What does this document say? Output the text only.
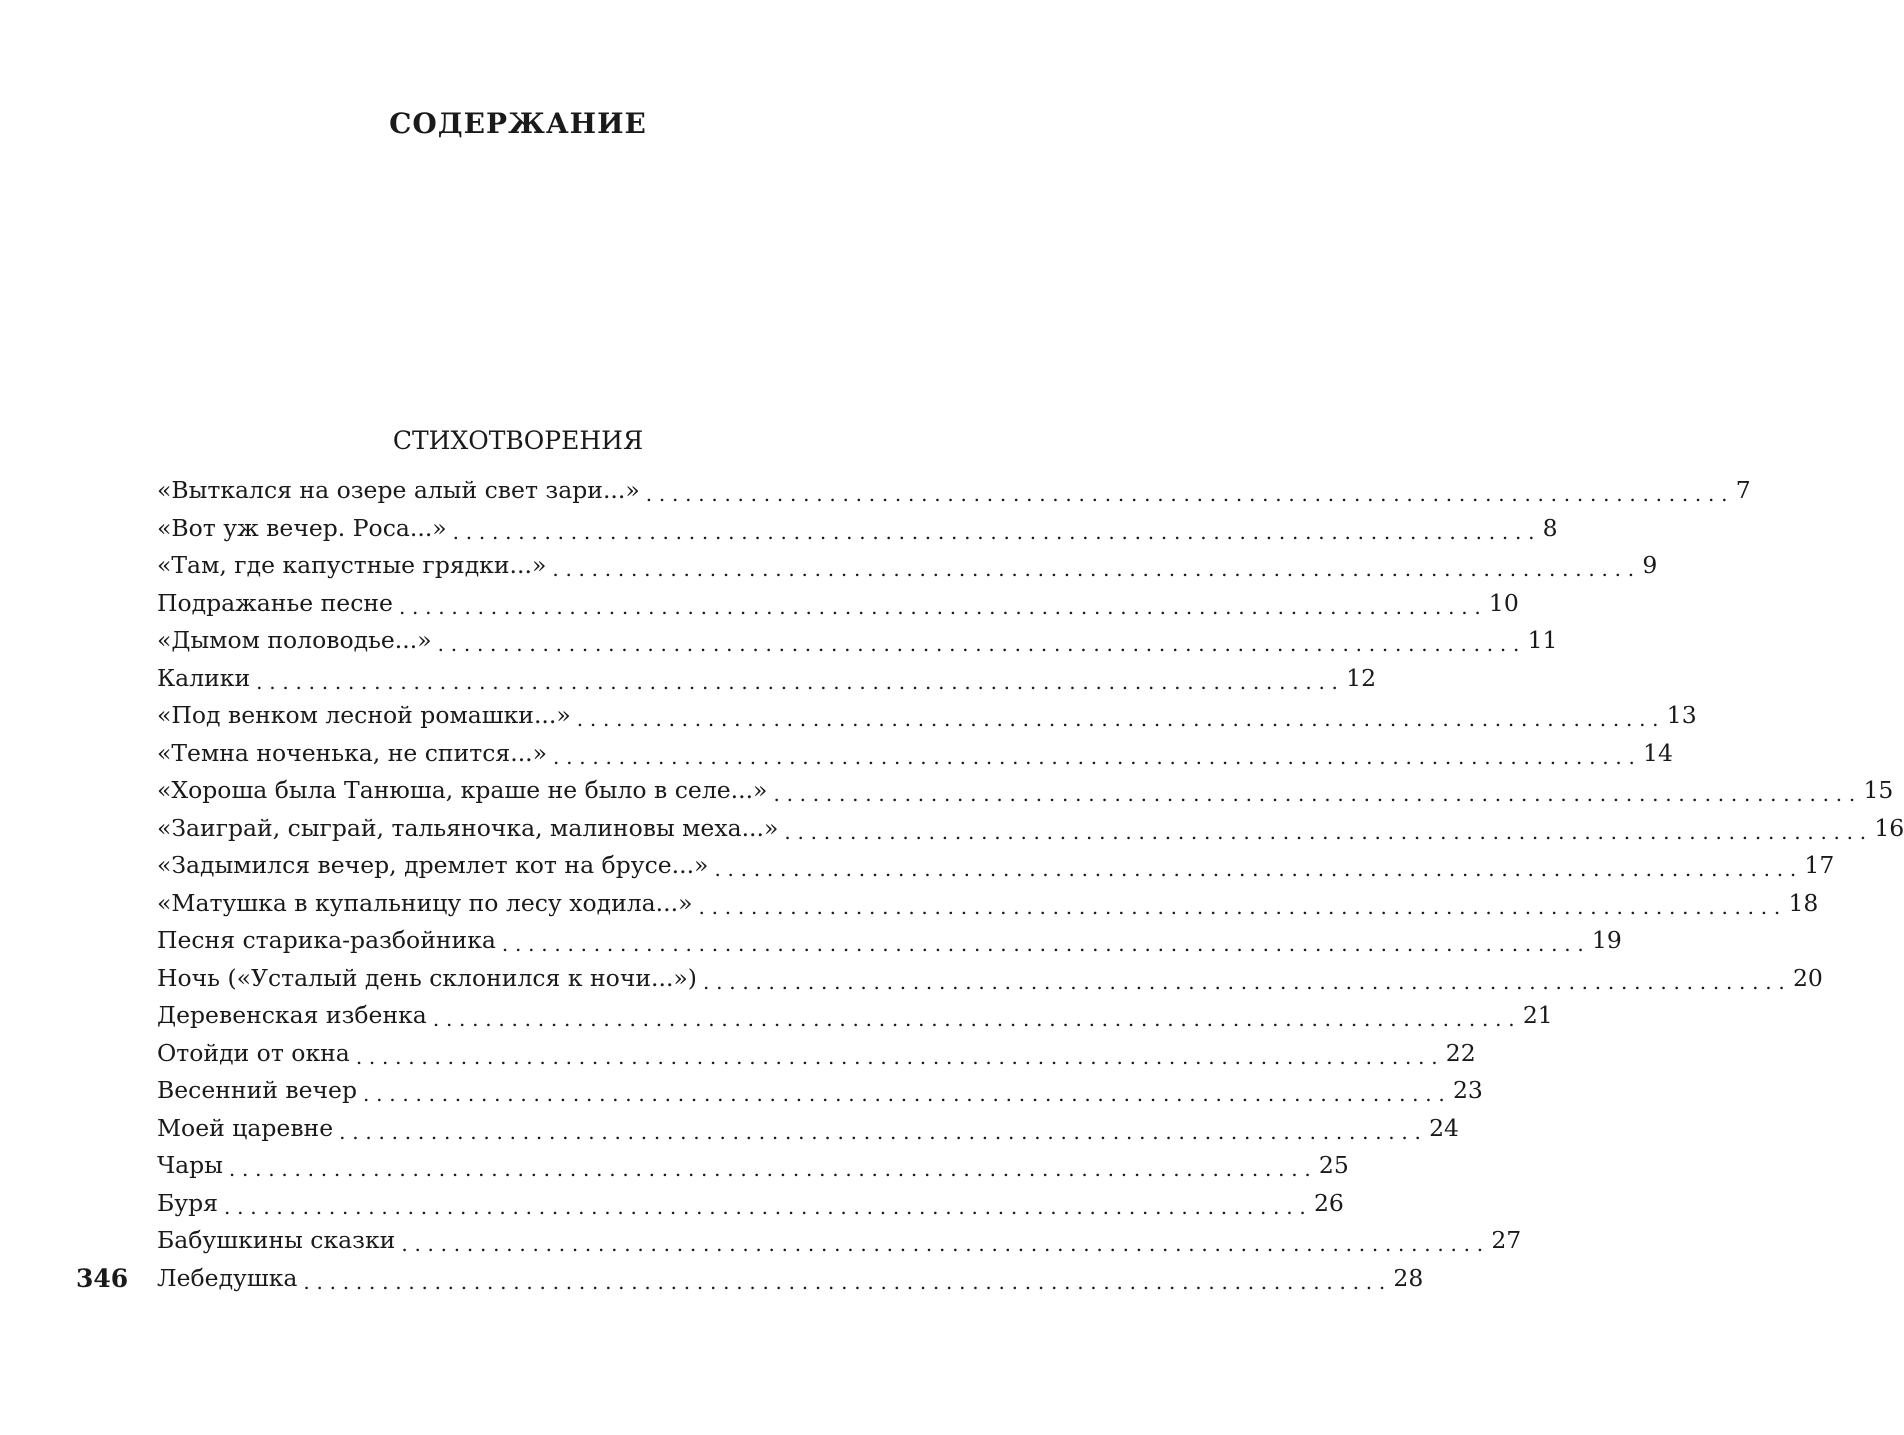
СОДЕРЖАНИЕ
СТИХОТВОРЕНИЯ
«Выткался на озере алый свет зари...» . . .	7
«Вот уж вечер. Роса...» . . .	8
«Там, где капустные грядки...» . . .	9
Подражанье песне . . .	10
«Дымом половодье...» . . .	11
Калики . . .	12
«Под венком лесной ромашки...» . . .	13
«Темна ноченька, не спится...» . . .	14
«Хороша была Танюша, краше не было в селе...» . . .	15
«Заиграй, сыграй, тальяночка, малиновы меха...» . . .	16
«Задымился вечер, дремлет кот на брусе...» . . .	17
«Матушка в купальницу по лесу ходила...» . . .	18
Песня старика-разбойника . . .	19
Ночь («Усталый день склонился к ночи...») . . .	20
Деревенская избенка . . .	21
Отойди от окна . . .	22
Весенний вечер . . .	23
Моей царевне . . .	24
Чары . . .	25
Буря . . .	26
Бабушкины сказки . . .	27
Лебедушка . . .	28
346
